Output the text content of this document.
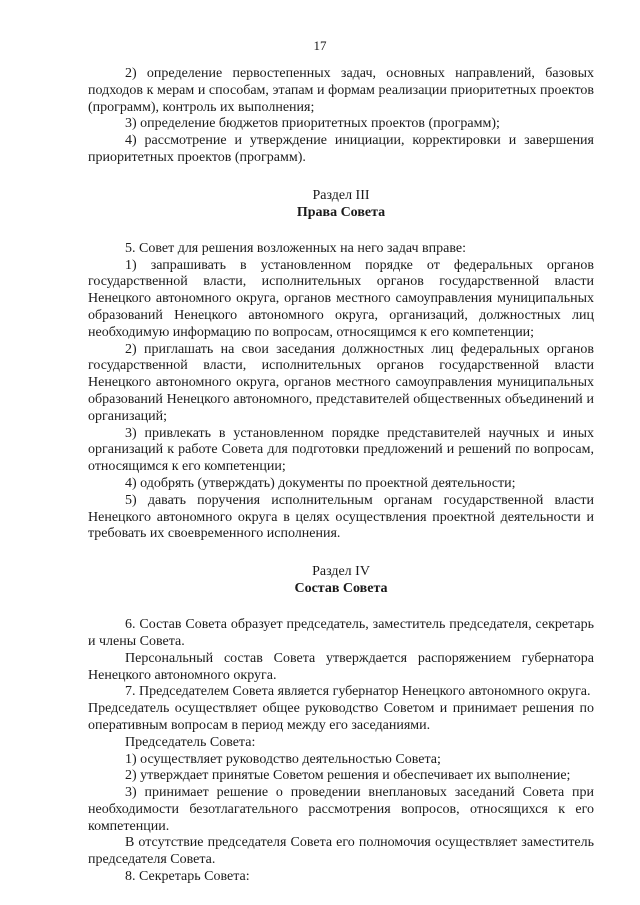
17

2) определение первостепенных задач, основных направлений, базовых подходов к мерам и способам, этапам и формам реализации приоритетных проектов (программ), контроль их выполнения;

3) определение бюджетов приоритетных проектов (программ);

4) рассмотрение и утверждение инициации, корректировки и завершения приоритетных проектов (программ).

Раздел III
Права Совета

5. Совет для решения возложенных на него задач вправе:

1) запрашивать в установленном порядке от федеральных органов государственной власти, исполнительных органов государственной власти Ненецкого автономного округа, органов местного самоуправления муниципальных образований Ненецкого автономного округа, организаций, должностных лиц необходимую информацию по вопросам, относящимся к его компетенции;

2) приглашать на свои заседания должностных лиц федеральных органов государственной власти, исполнительных органов государственной власти Ненецкого автономного округа, органов местного самоуправления муниципальных образований Ненецкого автономного, представителей общественных объединений и организаций;

3) привлекать в установленном порядке представителей научных и иных организаций к работе Совета для подготовки предложений и решений по вопросам, относящимся к его компетенции;

4) одобрять (утверждать) документы по проектной деятельности;

5) давать поручения исполнительным органам государственной власти Ненецкого автономного округа в целях осуществления проектной деятельности и требовать их своевременного исполнения.

Раздел IV
Состав Совета

6. Состав Совета образует председатель, заместитель председателя, секретарь и члены Совета.

Персональный состав Совета утверждается распоряжением губернатора Ненецкого автономного округа.

7. Председателем Совета является губернатор Ненецкого автономного округа.

Председатель осуществляет общее руководство Советом и принимает решения по оперативным вопросам в период между его заседаниями.

Председатель Совета:

1) осуществляет руководство деятельностью Совета;

2) утверждает принятые Советом решения и обеспечивает их выполнение;

3) принимает решение о проведении внеплановых заседаний Совета при необходимости безотлагательного рассмотрения вопросов, относящихся к его компетенции.

В отсутствие председателя Совета его полномочия осуществляет заместитель председателя Совета.

8. Секретарь Совета:
